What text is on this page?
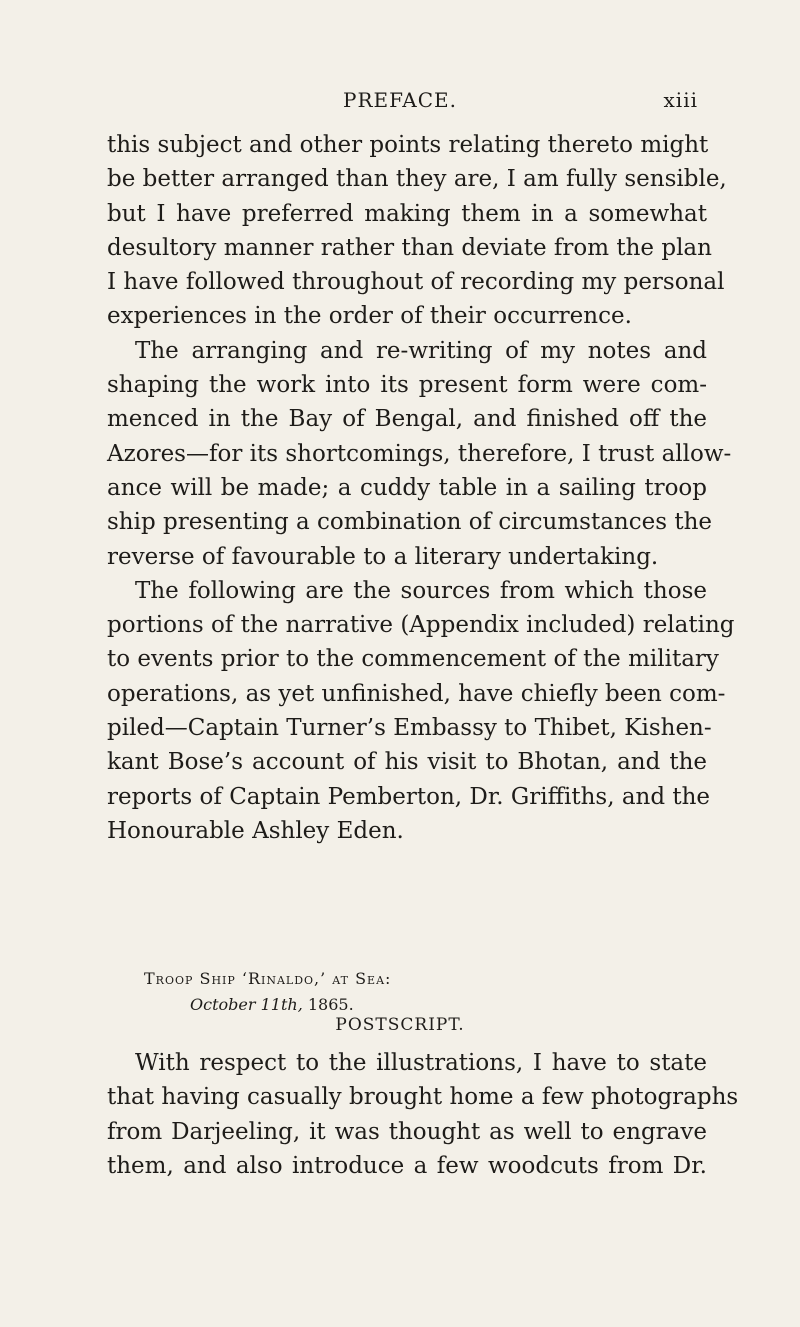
PREFACE.	xiii
this subject and other points relating thereto might
be better arranged than they are, I am fully sensible,
but I have preferred making them in a somewhat
desultory manner rather than deviate from the plan
I have followed throughout of recording my personal
experiences in the order of their occurrence.
The arranging and re-writing of my notes and
shaping the work into its present form were com-
menced in the Bay of Bengal, and finished off the
Azores—for its shortcomings, therefore, I trust allow-
ance will be made; a cuddy table in a sailing troop
ship presenting a combination of circumstances the
reverse of favourable to a literary undertaking.
The following are the sources from which those
portions of the narrative (Appendix included) relating
to events prior to the commencement of the military
operations, as yet unfinished, have chiefly been com-
piled—Captain Turner’s Embassy to Thibet, Kishen-
kant Bose’s account of his visit to Bhotan, and the
reports of Captain Pemberton, Dr. Griffiths, and the
Honourable Ashley Eden.
Troop Ship ‘Rinaldo,’ at Sea:
October 11th, 1865.
POSTSCRIPT.
With respect to the illustrations, I have to state
that having casually brought home a few photographs
from Darjeeling, it was thought as well to engrave
them, and also introduce a few woodcuts from Dr.
